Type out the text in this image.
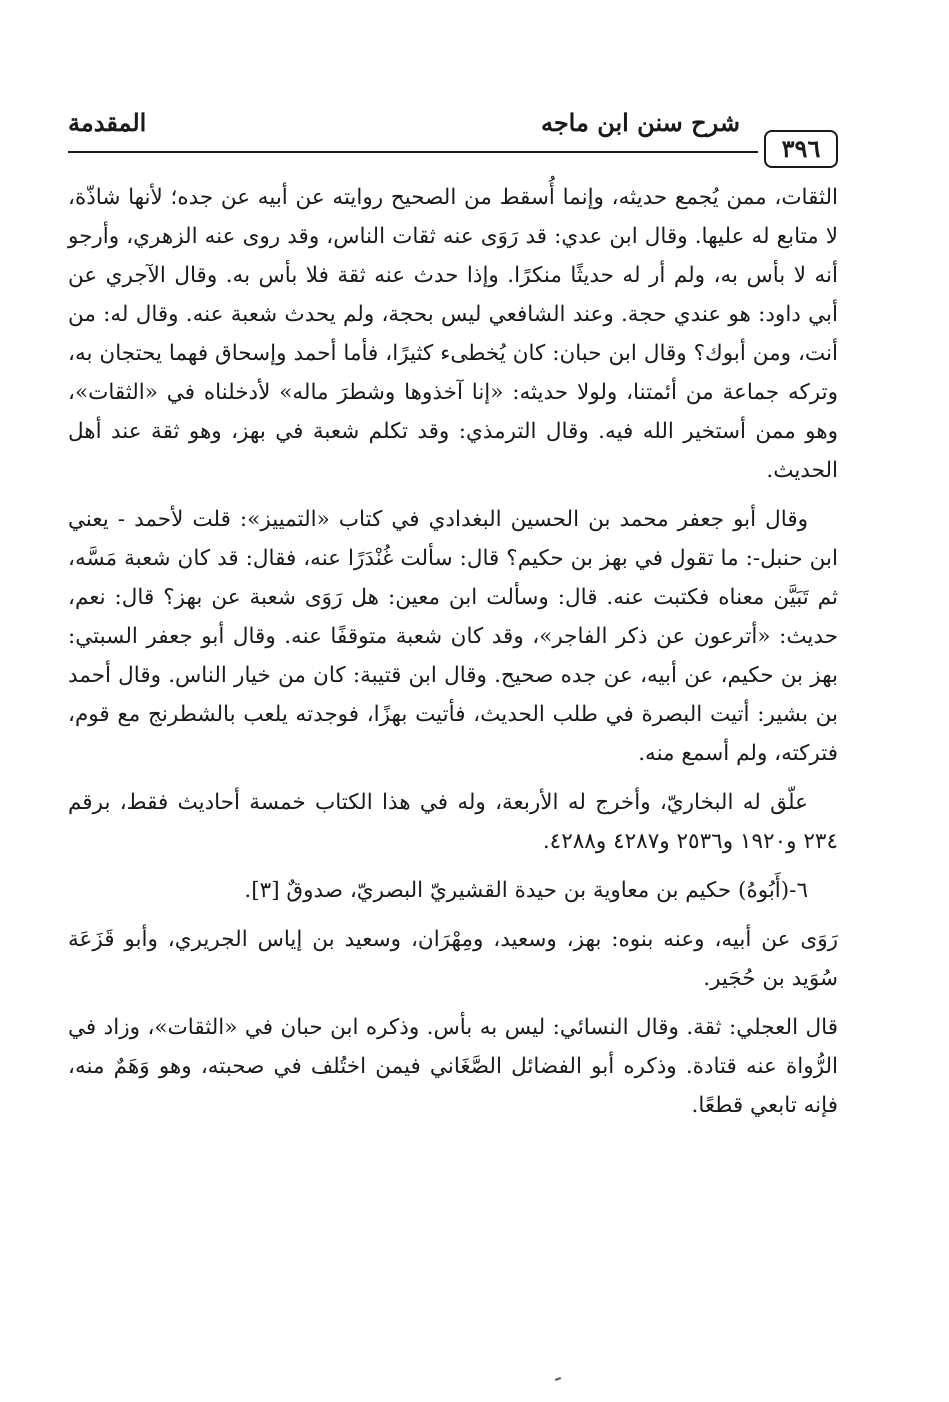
٣٩٦
شرح سنن ابن ماجه
المقدمة

الثقات، ممن يُجمع حديثه، وإنما أُسقط من الصحيح روايته عن أبيه عن جده؛ لأنها شاذّة، لا متابع له عليها. وقال ابن عدي: قد رَوَى عنه ثقات الناس، وقد روى عنه الزهري، وأرجو أنه لا بأس به، ولم أر له حديثًا منكرًا. وإذا حدث عنه ثقة فلا بأس به. وقال الآجري عن أبي داود: هو عندي حجة. وعند الشافعي ليس بحجة، ولم يحدث شعبة عنه. وقال له: من أنت، ومن أبوك؟ وقال ابن حبان: كان يُخطىء كثيرًا، فأما أحمد وإسحاق فهما يحتجان به، وتركه جماعة من أئمتنا، ولولا حديثه: «إنا آخذوها وشطرَ ماله» لأدخلناه في «الثقات»، وهو ممن أستخير الله فيه. وقال الترمذي: وقد تكلم شعبة في بهز، وهو ثقة عند أهل الحديث.

وقال أبو جعفر محمد بن الحسين البغدادي في كتاب «التمييز»: قلت لأحمد - يعني ابن حنبل-: ما تقول في بهز بن حكيم؟ قال: سألت غُنْدَرًا عنه، فقال: قد كان شعبة مَسَّه، ثم تَبَيَّن معناه فكتبت عنه. قال: وسألت ابن معين: هل رَوَى شعبة عن بهز؟ قال: نعم، حديث: «أترعون عن ذكر الفاجر»، وقد كان شعبة متوقفًا عنه. وقال أبو جعفر السبتي: بهز بن حكيم، عن أبيه، عن جده صحيح. وقال ابن قتيبة: كان من خيار الناس. وقال أحمد بن بشير: أتيت البصرة في طلب الحديث، فأتيت بهزًا، فوجدته يلعب بالشطرنج مع قوم، فتركته، ولم أسمع منه.

علّق له البخاريّ، وأخرج له الأربعة، وله في هذا الكتاب خمسة أحاديث فقط، برقم ٢٣٤ و١٩٢٠ و٢٥٣٦ و٤٢٨٧ و٤٢٨٨.

٦-(أَبُوهُ) حكيم بن معاوية بن حيدة القشيريّ البصريّ، صدوقٌ [٣].

رَوَى عن أبيه، وعنه بنوه: بهز، وسعيد، ومِهْرَان، وسعيد بن إياس الجريري، وأبو قَزَعَة سُوَيد بن حُجَير.

قال العجلي: ثقة. وقال النسائي: ليس به بأس. وذكره ابن حبان في «الثقات»، وزاد في الرُّواة عنه قتادة. وذكره أبو الفضائل الصَّغَاني فيمن اختُلف في صحبته، وهو وَهَمٌ منه، فإنه تابعي قطعًا.
